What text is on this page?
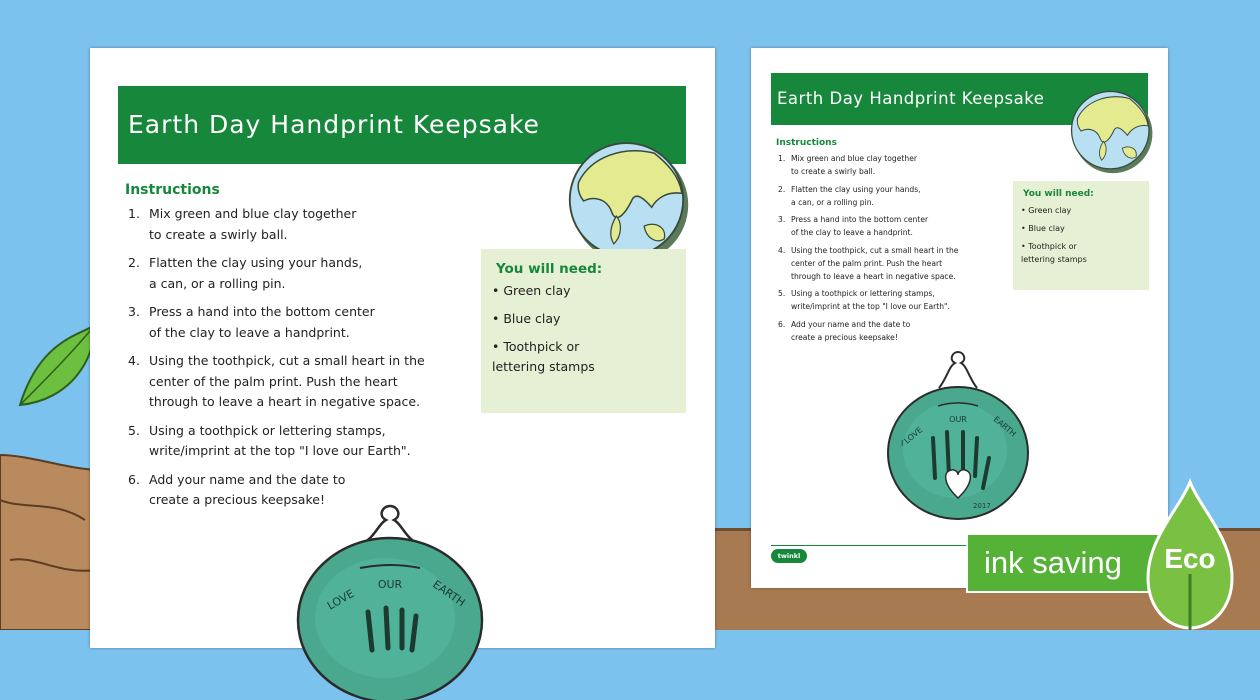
Earth Day Handprint Keepsake
Instructions
1. Mix green and blue clay together
to create a swirly ball.
2. Flatten the clay using your hands,
a can, or a rolling pin.
3. Press a hand into the bottom center
of the clay to leave a handprint.
4. Using the toothpick, cut a small heart in the
center of the palm print. Push the heart
through to leave a heart in negative space.
5. Using a toothpick or lettering stamps,
write/imprint at the top "I love our Earth".
6. Add your name and the date to
create a precious keepsake!
You will need:
• Green clay
• Blue clay
• Toothpick or
lettering stamps
OUR
LOVE	EARTH
Earth Day Handprint Keepsake
Instructions
1. Mix green and blue clay together
to create a swirly ball.
2. Flatten the clay using your hands,
a can, or a rolling pin.
3. Press a hand into the bottom center
of the clay to leave a handprint.
4. Using the toothpick, cut a small heart in the
center of the palm print. Push the heart
through to leave a heart in negative space.
5. Using a toothpick or lettering stamps,
write/imprint at the top "I love our Earth".
6. Add your name and the date to
create a precious keepsake!
You will need:
• Green clay
• Blue clay
• Toothpick or
lettering stamps
OUR
I LOVE	EARTH
2017
twinkl	ink saving Eco
